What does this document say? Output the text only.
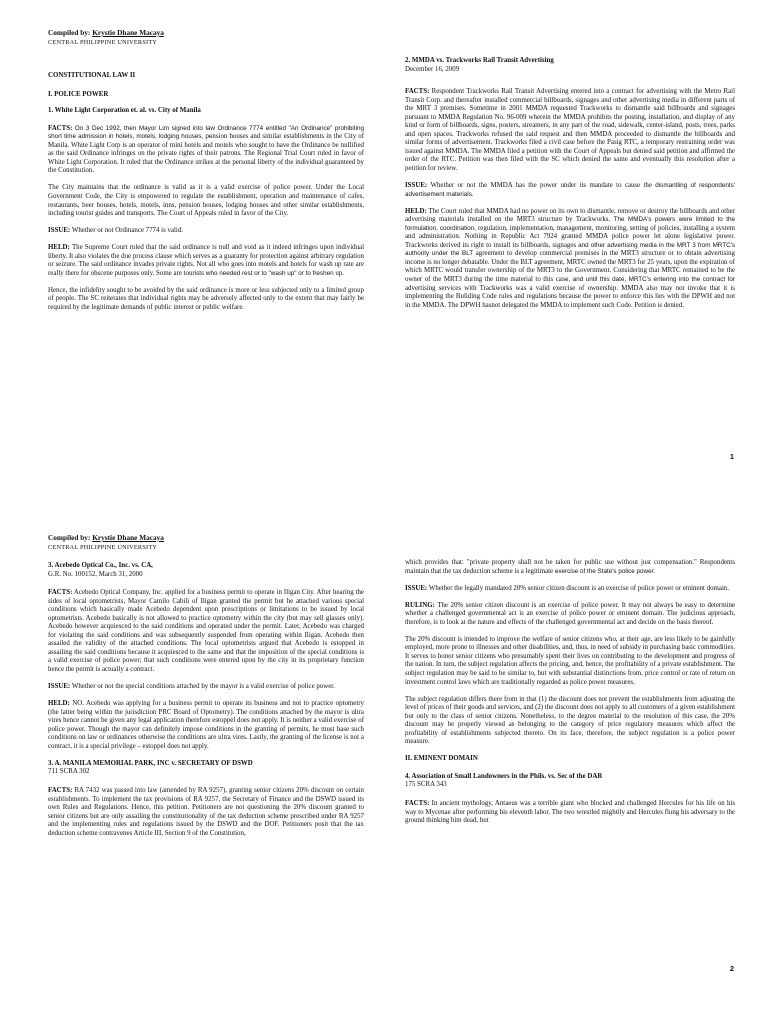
Compiled by: Krystie Dhane Macaya
CENTRAL PHILIPPINE UNIVERSITY

CONSTITUTIONAL LAW II

I. POLICE POWER

1. White Light Corporation et. al. vs. City of Manila

FACTS: On 3 Dec 1992, then Mayor Lim signed into law Ordinance 7774 entitled "An Ordinance" prohibiting short time admission in hotels, motels, lodging houses, pension houses and similar establishments in the City of Manila. White Light Corp is an operator of mini hotels and motels who sought to have the Ordinance be nullified as the said Ordinance infringes on the private rights of their patrons. The Regional Trial Court ruled in favor of White Light Corporation. It ruled that the Ordinance strikes at the personal liberty of the individual guaranteed by the Constitution.

The City maintains that the ordinance is valid as it is a valid exercise of police power. Under the Local Government Code, the City is empowered to regulate the establishment, operation and maintenance of cafes, restaurants, beer houses, hotels, motels, inns, pension houses, lodging houses and other similar establishments, including tourist guides and transports. The Court of Appeals ruled in favor of the City.

ISSUE: Whether or not Ordinance 7774 is valid.

HELD: The Supreme Court ruled that the said ordinance is null and void as it indeed infringes upon individual liberty. It also violates the due process clause which serves as a guaranty for protection against arbitrary regulation or seizure. The said ordinance invades private rights. Not all who goes into motels and hotels for wash up rate are really there for obscene purposes only. Some are tourists who needed rest or to "wash up" or to freshen up.

Hence, the infidelity sought to be avoided by the said ordinance is more or less subjected only to a limited group of people. The SC reiterates that individual rights may be adversely affected only to the extent that may fairly be required by the legitimate demands of public interest or public welfare.

2. MMDA vs. Trackworks Rail Transit Advertising

December 16, 2009

FACTS: Respondent Trackworks Rail Transit Advertising entered into a contract for advertising with the Metro Rail Transit Corp. and thereafter installed commercial billboards, signages and other advertising media in different parts of the MRT 3 premises. Sometime in 2001 MMDA requested Trackworks to dismantle said billboards and signages pursuant to MMDA Regulation No. 96-009 wherein the MMDA prohibits the posting, installation, and display of any kind or form of billboards, signs, posters, streamers, in any part of the road, sidewalk, center-island, posts, trees, parks and open spaces. Trackworks refused the said request and then MMDA proceeded to dismantle the billboards and similar forms of advertisement. Trackworks filed a civil case before the Pasig RTC, a temporary restraining order was issued against MMDA. The MMDA filed a petition with the Court of Appeals but denied said petition and affirmed the order of the RTC. Petition was then filed with the SC which denied the same and eventually this resolution after a petition for review.

ISSUE: Whether or not the MMDA has the power under its mandate to cause the dismantling of respondents' advertisement materials.

HELD: The Court ruled that MMDA had no power on its own to dismantle, remove or destroy the billboards and other advertising materials installed on the MRT3 structure by Trackworks. The MMDA's powers were limited to the formulation, coordination, regulation, implementation, management, monitoring, setting of policies, installing a system and administration. Nothing in Republic Act 7924 granted MMDA police power let alone legislative power. Trackworks derived its right to install its billboards, signages and other advertising media in the MRT 3 from MRTC's authority under the BLT agreement to develop commercial premises in the MRT3 structure or to obtain advertising income is no longer debatable. Under the BLT agreement, MRTC owned the MRT3 for 25 years, upon the expiration of which MRTC would transfer ownership of the MRT3 to the Government. Considering that MRTC remained to be the owner of the MRT3 during the time material to this case, and until this date, MRTC's entering into the contract for advertising services with Trackworks was a valid exercise of ownership. MMDA also may not invoke that it is implementing the Buliding Code rules and regulations because the power to enforce this lies with the DPWH and not in the MMDA. The DPWH hasnot delegated the MMDA to implement such Code. Petition is denied.

1
Compiled by: Krystie Dhane Macaya
CENTRAL PHILIPPINE UNIVERSITY

3. Acebedo Optical Co., Inc. vs. CA,

G.R. No. 100152, March 31, 2000

FACTS: Acebedo Optical Company, Inc. applied for a business permit to operate in Iligan City. After hearing the sides of local optometrists, Mayor Camilo Cabili of Iligan granted the permit but he attached various special conditions which basically made Acebedo dependent upon prescriptions or limitations to be issued by local optometrists. Acebedo basically is not allowed to practice optometry within the city (but may sell glasses only). Acebedo however acquiesced to the said conditions and operated under the permit. Later, Acebedo was charged for violating the said conditions and was subsequently suspended from operating within Iligan. Acebedo then assailed the validity of the attached conditions. The local optometrists argued that Acebedo is estopped in assailing the said conditions because it acquiesced to the same and that the imposition of the special conditions is a valid exercise of police power; that such conditions were entered upon by the city in its proprietary function hence the permit is actually a contract.

ISSUE: Whether or not the special conditions attached by the mayor is a valid exercise of police power.

HELD: NO. Acebedo was applying for a business permit to operate its business and not to practice optometry (the latter being within the jurisdiction PRC Board of Optometry). The conditions attached by the mayor is ultra vires hence cannot be given any legal application therefore estoppel does not apply. It is neither a valid exercise of police power. Though the mayor can definitely impose conditions in the granting of permits, he must base such conditions on law or ordinances otherwise the conditions are ultra vires. Lastly, the granting of the license is not a contract, it is a special privilege – estoppel does not apply.

3. A. MANILA MEMORIAL PARK, INC v. SECRETARY OF DSWD

711 SCRA 302

FACTS: RA 7432 was passed into law (amended by RA 9257), granting senior citizens 20% discount on certain establishments. To implement the tax provisions of RA 9257, the Secretary of Finance and the DSWD issued its own Rules and Regulations. Hence, this petition. Petitioners are not questioning the 20% discount granted to senior citizens but are only assailing the constitutionality of the tax deduction scheme prescribed under RA 9257 and the implementing rules and regulations issued by the DSWD and the DOF. Petitioners posit that the tax deduction scheme contravenes Article III, Section 9 of the Constitution,

which provides that: "private property shall not be taken for public use without just compensation." Respondents maintain that the tax deduction scheme is a legitimate exercise of the State's police power.

ISSUE: Whether the legally mandated 20% senior citizen discount is an exercise of police power or eminent domain.

RULING: The 20% senior citizen discount is an exercise of police power. It may not always be easy to determine whether a challenged governmental act is an exercise of police power or eminent domain. The judicious approach, therefore, is to look at the nature and effects of the challenged governmental act and decide on the basis thereof.

The 20% discount is intended to improve the welfare of senior citizens who, at their age, are less likely to be gainfully employed, more prone to illnesses and other disabilities, and, thus, in need of subsidy in purchasing basic commodities. It serves to honor senior citizens who presumably spent their lives on contributing to the development and progress of the nation. In turn, the subject regulation affects the pricing, and, hence, the profitability of a private establishment. The subject regulation may be said to be similar to, but with substantial distinctions from, price control or rate of return on investment control laws which are traditionally regarded as police power measures.

The subject regulation differs there from in that (1) the discount does not prevent the establishments from adjusting the level of prices of their goods and services, and (2) the discount does not apply to all customers of a given establishment but only to the class of senior citizens. Nonetheless, to the degree material to the resolution of this case, the 20% discount may be properly viewed as belonging to the category of price regulatory measures which affect the profitability of establishments subjected thereto. On its face, therefore, the subject regulation is a police power measure.

II. EMINENT DOMAIN

4. Association of Small Landowners in the Phils. vs. Sec of the DAR

175 SCRA 343

FACTS: In ancient mythology, Antaeus was a terrible giant who blocked and challenged Hercules for his life on his way to Mycenae after performing his eleventh labor. The two wrestled mightily and Hercules flung his adversary to the ground thinking him dead, but

2
